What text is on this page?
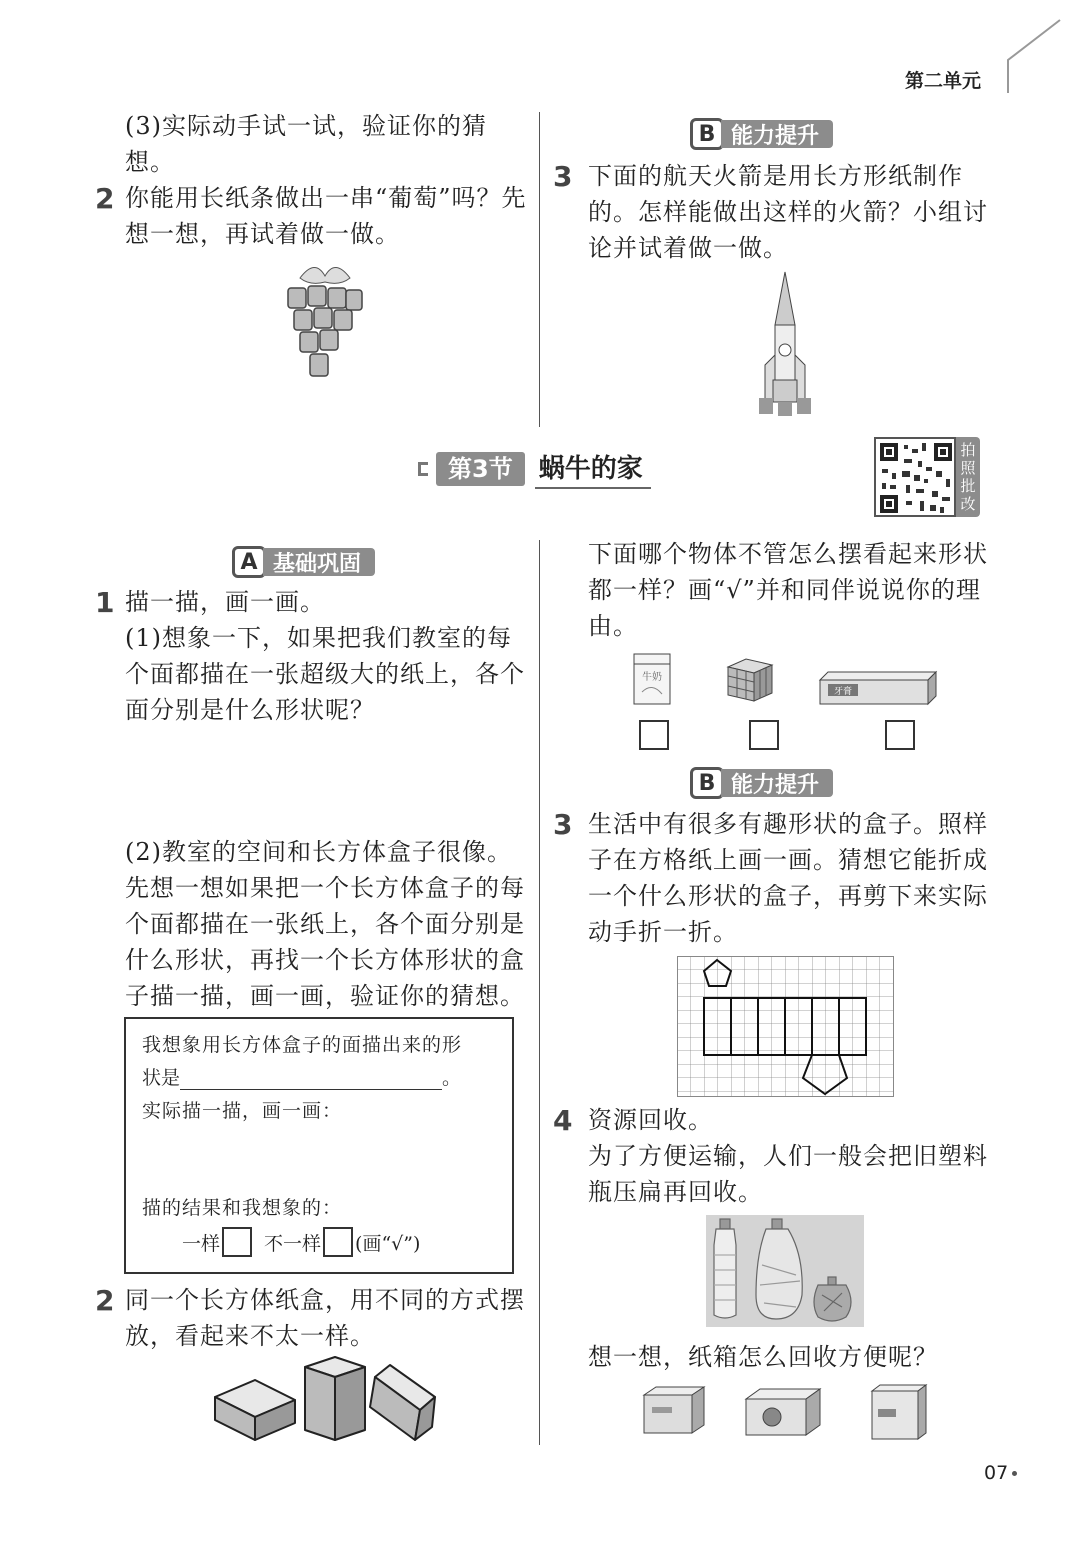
第二单元
(3)实际动手试一试，验证你的猜想。
2 你能用长纸条做出一串“葡萄”吗？先想一想，再试着做一做。
B 能力提升
3 下面的航天火箭是用长方形纸制作的。怎样能做出这样的火箭？小组讨论并试着做一做。
第3节	蜗牛的家
拍
照
批
改
A 基础巩固
1 描一描，画一画。
(1)想象一下，如果把我们教室的每个面都描在一张超级大的纸上，各个面分别是什么形状呢？
(2)教室的空间和长方体盒子很像。先想一想如果把一个长方体盒子的每个面都描在一张纸上，各个面分别是什么形状，再找一个长方体形状的盒子描一描，画一画，验证你的猜想。
我想象用长方体盒子的面描出来的形
状是	。
实际描一描，画一画：
描的结果和我想象的：
一样 不一样 (画“√”)
2 同一个长方体纸盒，用不同的方式摆放，看起来不太一样。
下面哪个物体不管怎么摆看起来形状都一样？画“√”并和同伴说说你的理由。
牛奶
牙膏
B 能力提升
3 生活中有很多有趣形状的盒子。照样子在方格纸上画一画。猜想它能折成一个什么形状的盒子，再剪下来实际动手折一折。
4 资源回收。
为了方便运输，人们一般会把旧塑料瓶压扁再回收。
想一想，纸箱怎么回收方便呢？
07
